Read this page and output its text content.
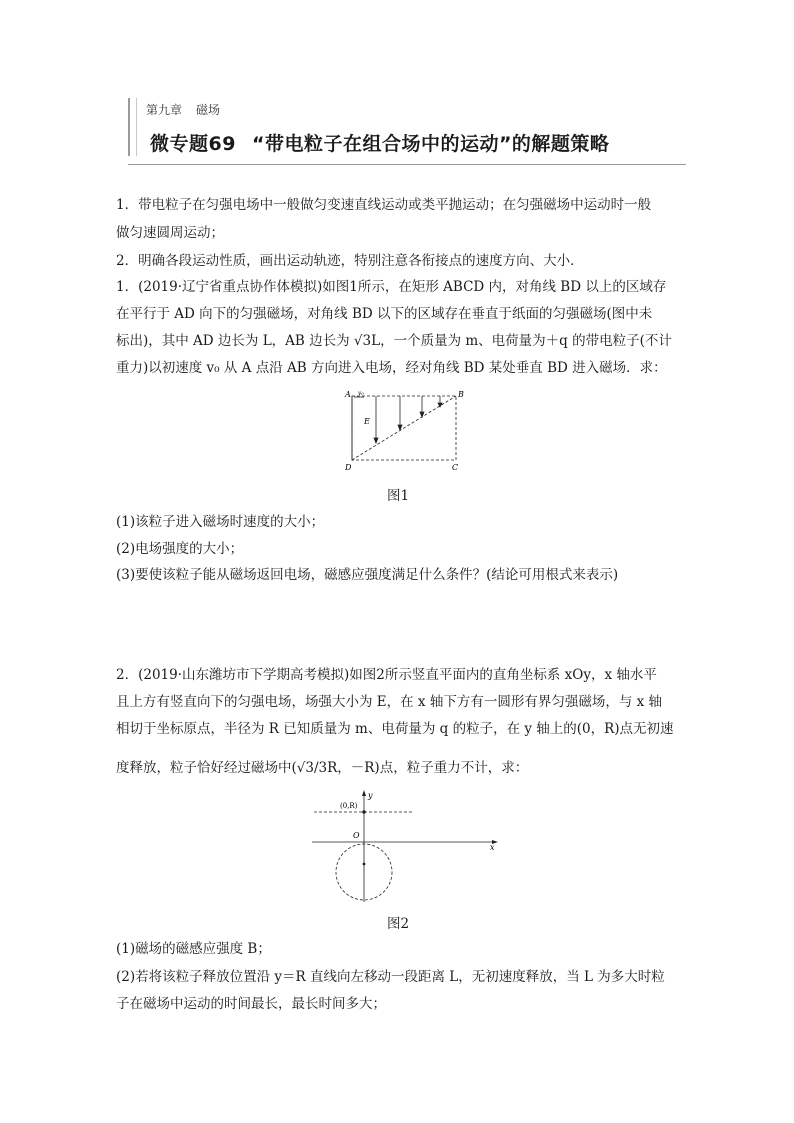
第九章 磁场
微专题69 “带电粒子在组合场中的运动”的解题策略
1．带电粒子在匀强电场中一般做匀变速直线运动或类平抛运动；在匀强磁场中运动时一般
做匀速圆周运动；
2．明确各段运动性质，画出运动轨迹，特别注意各衔接点的速度方向、大小．
1．(2019·辽宁省重点协作体模拟)如图1所示，在矩形 ABCD 内，对角线 BD 以上的区域存
在平行于 AD 向下的匀强磁场，对角线 BD 以下的区域存在垂直于纸面的匀强磁场(图中未
标出)，其中 AD 边长为 L，AB 边长为 √3L，一个质量为 m、电荷量为＋q 的带电粒子(不计
重力)以初速度 v₀ 从 A 点沿 AB 方向进入电场，经对角线 BD 某处垂直 BD 进入磁场．求：
A	B
C
D
E
v₀
图1
(1)该粒子进入磁场时速度的大小；
(2)电场强度的大小；
(3)要使该粒子能从磁场返回电场，磁感应强度满足什么条件？(结论可用根式来表示)
2．(2019·山东潍坊市下学期高考模拟)如图2所示竖直平面内的直角坐标系 xOy，x 轴水平
且上方有竖直向下的匀强电场，场强大小为 E，在 x 轴下方有一圆形有界匀强磁场，与 x 轴
相切于坐标原点，半径为 R 已知质量为 m、电荷量为 q 的粒子，在 y 轴上的(0，R)点无初速
度释放，粒子恰好经过磁场中(√3/3R，－R)点，粒子重力不计，求：
(0,R)
O
x
y
图2
(1)磁场的磁感应强度 B；
(2)若将该粒子释放位置沿 y＝R 直线向左移动一段距离 L，无初速度释放，当 L 为多大时粒
子在磁场中运动的时间最长，最长时间多大；
